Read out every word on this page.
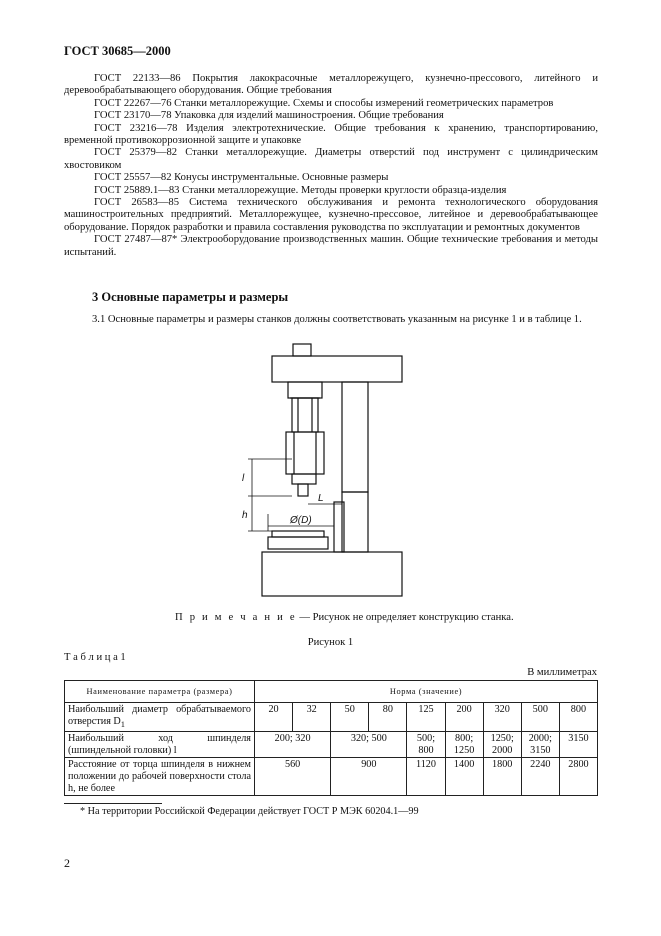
ГОСТ 30685—2000

ГОСТ 22133—86 Покрытия лакокрасочные металлорежущего, кузнечно-прессового, литейного и деревообрабатывающего оборудования. Общие требования

ГОСТ 22267—76 Станки металлорежущие. Схемы и способы измерений геометрических параметров

ГОСТ 23170—78 Упаковка для изделий машиностроения. Общие требования

ГОСТ 23216—78 Изделия электротехнические. Общие требования к хранению, транспортированию, временной противокоррозионной защите и упаковке

ГОСТ 25379—82 Станки металлорежущие. Диаметры отверстий под инструмент с цилиндрическим хвостовиком

ГОСТ 25557—82 Конусы инструментальные. Основные размеры

ГОСТ 25889.1—83 Станки металлорежущие. Методы проверки круглости образца-изделия

ГОСТ 26583—85 Система технического обслуживания и ремонта технологического оборудования машиностроительных предприятий. Металлорежущее, кузнечно-прессовое, литейное и деревообрабатывающее оборудование. Порядок разработки и правила составления руководства по эксплуатации и ремонтных документов

ГОСТ 27487—87* Электрооборудование производственных машин. Общие технические требования и методы испытаний.

3 Основные параметры и размеры
3.1 Основные параметры и размеры станков должны соответствовать указанным на рисунке 1 и в таблице 1.
l
h
L
Ø(D)
П р и м е ч а н и е — Рисунок не определяет конструкцию станка.
Рисунок 1
Т а б л и ц а 1
В миллиметрах
Наименование параметра (размера)	Норма (значение)								
Наибольший диаметр обрабатываемого отверстия $D_1$	20	32	50	80	125	200	320	500	800
Наибольший ход шпинделя (шпиндельной головки) l	200; 320		320; 500		500; 800	800; 1250	1250; 2000	2000; 3150	3150
Расстояние от торца шпинделя в нижнем положении до рабочей поверхности стола h, не более	560		900		1120	1400	1800	2240	2800
* На территории Российской Федерации действует ГОСТ Р МЭК 60204.1—99
2
